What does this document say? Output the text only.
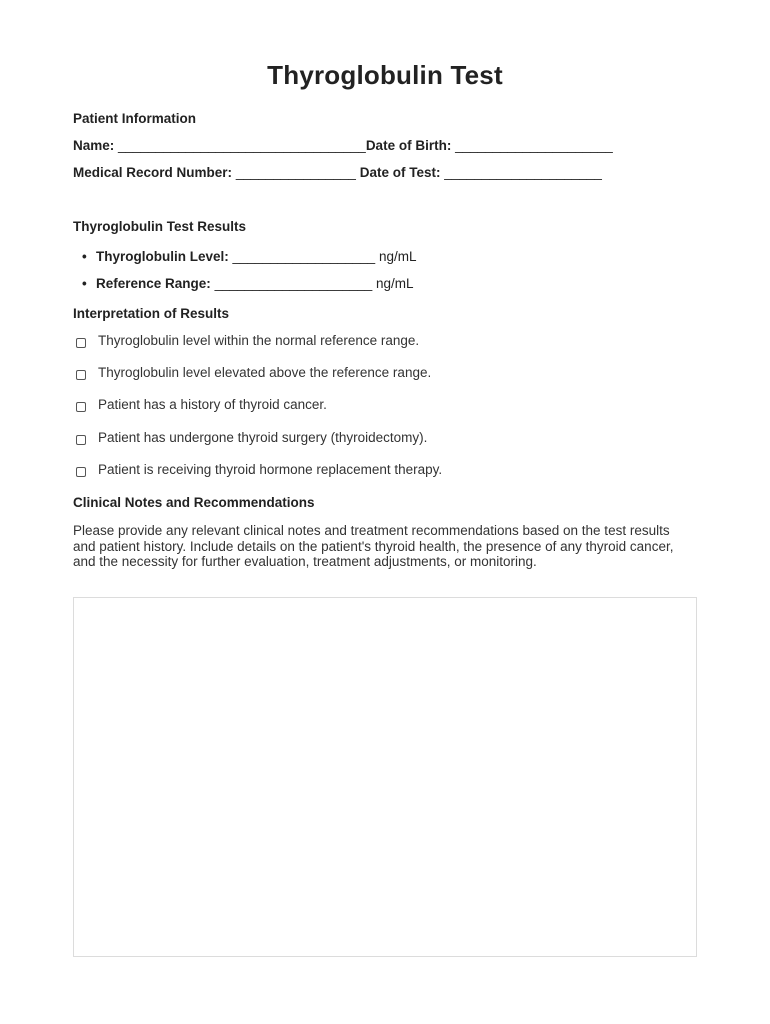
Thyroglobulin Test
Patient Information
Name: _________________________________Date of Birth: _____________________
Medical Record Number: ________________ Date of Test: _____________________
Thyroglobulin Test Results
• Thyroglobulin Level: ___________________ ng/mL
• Reference Range: _____________________ ng/mL
Interpretation of Results
Thyroglobulin level within the normal reference range.
Thyroglobulin level elevated above the reference range.
Patient has a history of thyroid cancer.
Patient has undergone thyroid surgery (thyroidectomy).
Patient is receiving thyroid hormone replacement therapy.
Clinical Notes and Recommendations
Please provide any relevant clinical notes and treatment recommendations based on the test results and patient history. Include details on the patient's thyroid health, the presence of any thyroid cancer, and the necessity for further evaluation, treatment adjustments, or monitoring.
